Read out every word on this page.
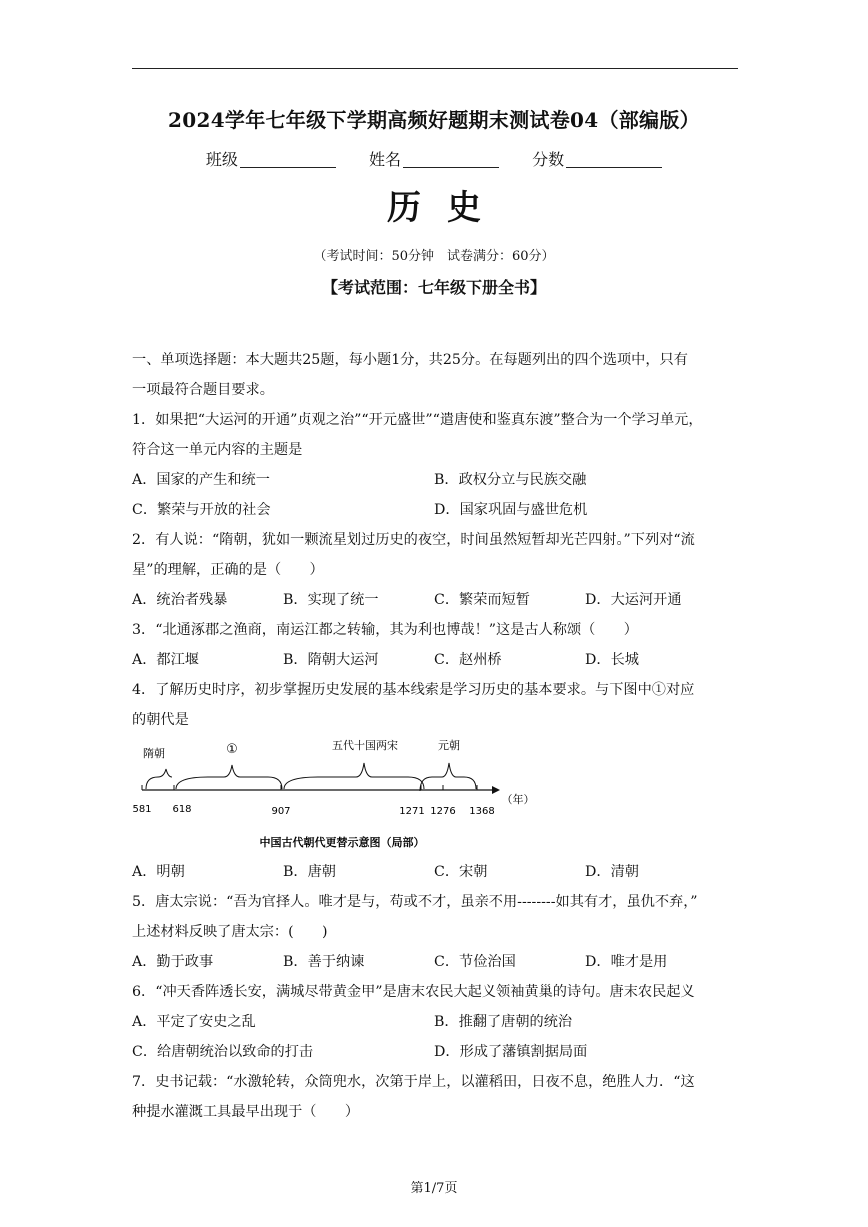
2024学年七年级下学期高频好题期末测试卷04（部编版）
班级	姓名	分数
历史
（考试时间：50分钟　试卷满分：60分）
【考试范围：七年级下册全书】
一、单项选择题：本大题共25题，每小题1分，共25分。在每题列出的四个选项中，只有
一项最符合题目要求。
1．如果把“大运河的开通”贞观之治”“开元盛世”“遣唐使和鉴真东渡”整合为一个学习单元，
符合这一单元内容的主题是
A．国家的产生和统一	B．政权分立与民族交融
C．繁荣与开放的社会	D．国家巩固与盛世危机
2．有人说：“隋朝，犹如一颗流星划过历史的夜空，时间虽然短暂却光芒四射。”下列对“流
星”的理解，正确的是（　　）
A．统治者残暴	B．实现了统一	C．繁荣而短暂	D．大运河开通
3．“北通涿郡之渔商，南运江都之转输，其为利也博哉！”这是古人称颂（　　）
A．都江堰	B．隋朝大运河	C．赵州桥	D．长城
4．了解历史时序，初步掌握历史发展的基本线索是学习历史的基本要求。与下图中①对应
的朝代是
隋朝	①	五代十国两宋	元朝
581 618	907	1271 1276 1368
（年）
中国古代朝代更替示意图（局部）
A．明朝	B．唐朝	C．宋朝	D．清朝
5．唐太宗说：“吾为官择人。唯才是与，苟或不才，虽亲不用--------如其有才，虽仇不弃，”
上述材料反映了唐太宗：(　　)
A．勤于政事	B．善于纳谏	C．节俭治国	D．唯才是用
6．“冲天香阵透长安，满城尽带黄金甲”是唐末农民大起义领袖黄巢的诗句。唐末农民起义
A．平定了安史之乱	B．推翻了唐朝的统治
C．给唐朝统治以致命的打击	D．形成了藩镇割据局面
7．史书记载：“水激轮转，众筒兜水，次第于岸上，以灌稻田，日夜不息，绝胜人力．“这
种提水灌溉工具最早出现于（　　）
第1/7页
